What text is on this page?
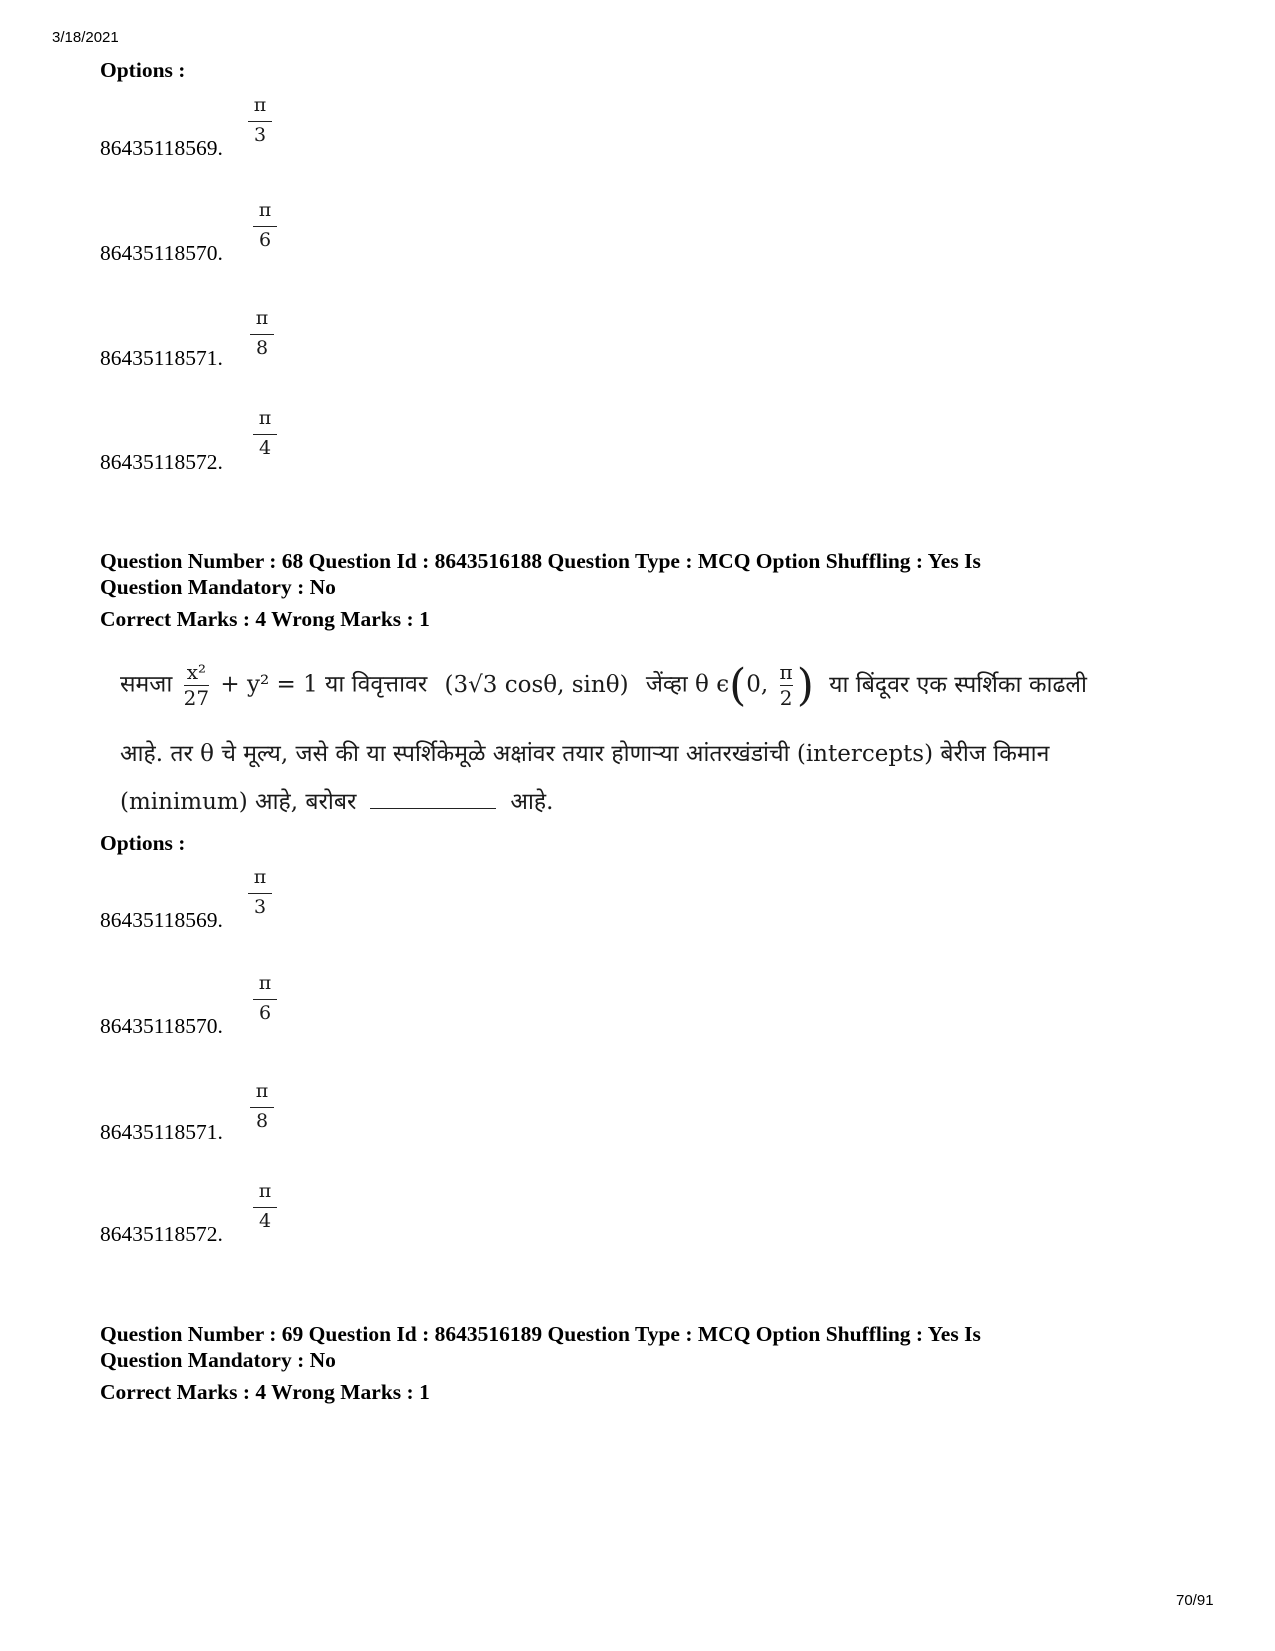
3/18/2021
Options :
86435118569.
π
3
86435118570.
π
6
86435118571.
π
8
86435118572.
π
4
Question Number : 68 Question Id : 8643516188 Question Type : MCQ Option Shuffling : Yes Is
Question Mandatory : No
Correct Marks : 4 Wrong Marks : 1
समजा $\frac{\text{x²}}{27} + y^2 = 1$ या विवृत्तावर (3√3 cosθ, sinθ) जेंव्हा θ ϵ(0, $\frac{\pi}{2}$) या बिंदूवर एक स्पर्शिका काढली
आहे. तर θ चे मूल्य, जसे की या स्पर्शिकेमूळे अक्षांवर तयार होणाऱ्या आंतरखंडांची (intercepts) बेरीज किमान
(minimum) आहे, बरोबर	आहे.
Options :
86435118569.
π
3
86435118570.
π
6
86435118571.
π
8
86435118572.
π
4
Question Number : 69 Question Id : 8643516189 Question Type : MCQ Option Shuffling : Yes Is
Question Mandatory : No
Correct Marks : 4 Wrong Marks : 1
70/91
